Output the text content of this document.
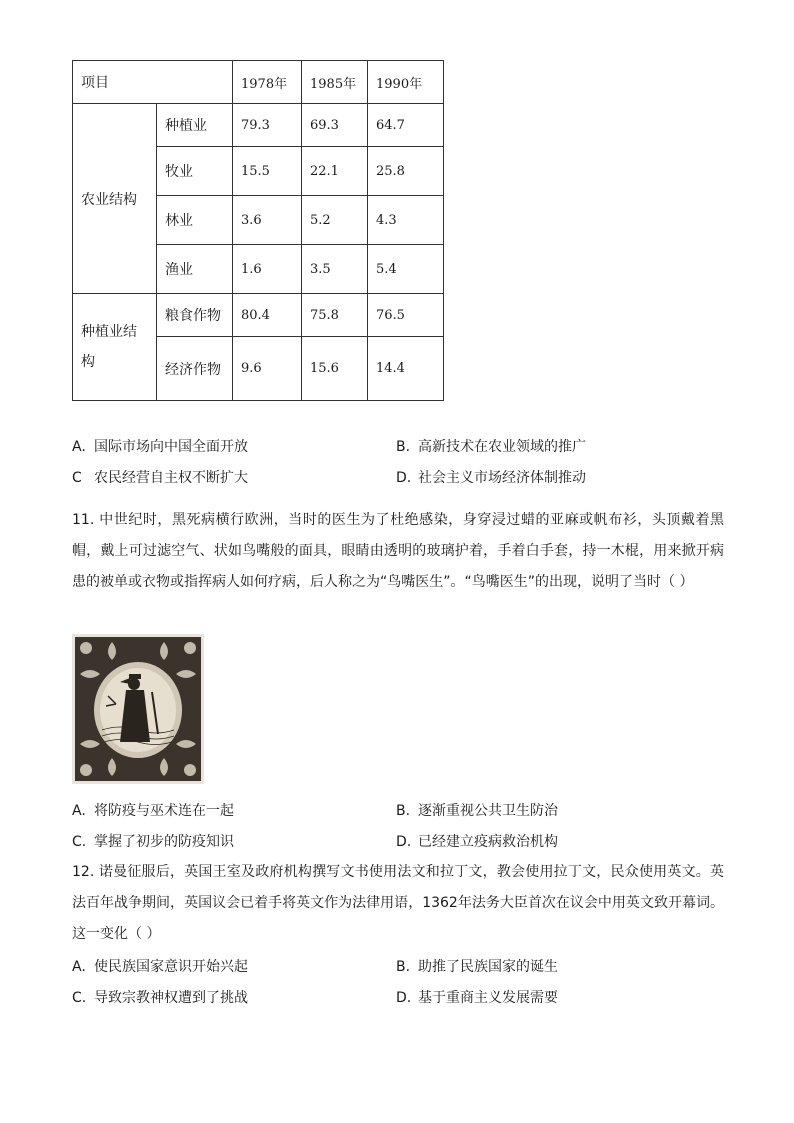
项目		1978年	1985年	1990年
农业结构	种植业	79.3	69.3	64.7
	牧业	15.5	22.1	25.8
	林业	3.6	5.2	4.3
	渔业	1.6	3.5	5.4

种植业结
构	粮食作物	80.4	75.8	76.5
	经济作物	9.6	15.6	14.4
A. 国际市场向中国全面开放	B. 高新技术在农业领域的推广
C 农民经营自主权不断扩大	D. 社会主义市场经济体制推动
11. 中世纪时，黑死病横行欧洲，当时的医生为了杜绝感染，身穿浸过蜡的亚麻或帆布衫，头顶戴着黑帽，戴上可过滤空气、状如鸟嘴般的面具，眼睛由透明的玻璃护着，手着白手套，持一木棍，用来掀开病患的被单或衣物或指挥病人如何疗病，后人称之为“鸟嘴医生”。“鸟嘴医生”的出现，说明了当时（ ）
A. 将防疫与巫术连在一起	B. 逐渐重视公共卫生防治
C. 掌握了初步的防疫知识	D. 已经建立疫病救治机构
12. 诺曼征服后，英国王室及政府机构撰写文书使用法文和拉丁文，教会使用拉丁文，民众使用英文。英法百年战争期间，英国议会已着手将英文作为法律用语，1362年法务大臣首次在议会中用英文致开幕词。这一变化（ ）
A. 使民族国家意识开始兴起	B. 助推了民族国家的诞生
C. 导致宗教神权遭到了挑战	D. 基于重商主义发展需要
